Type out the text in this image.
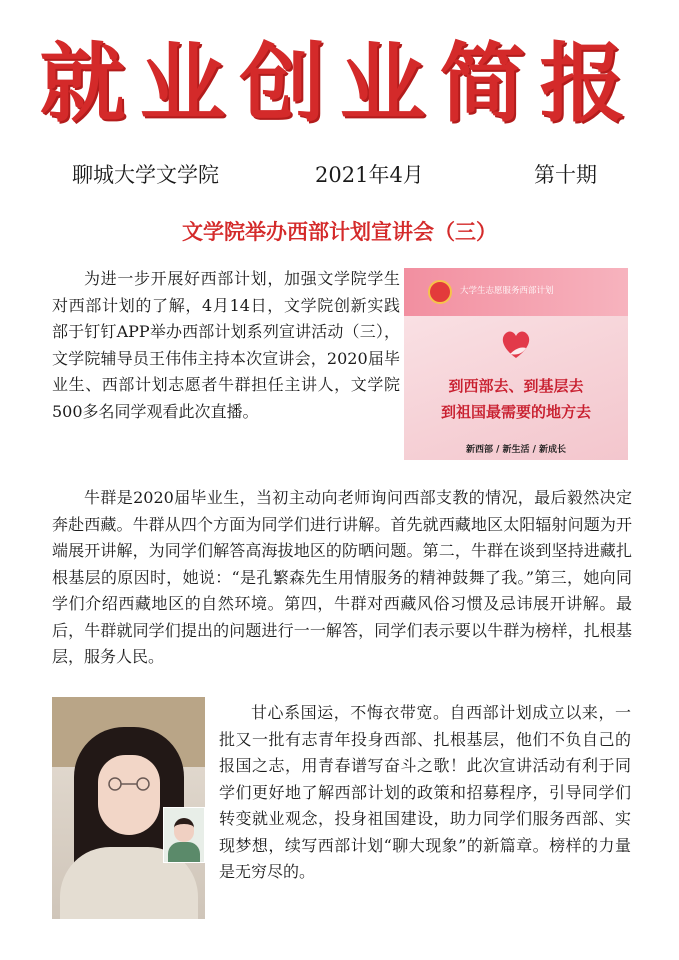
就业创业简报
聊城大学文学院	2021年4月	第十期
文学院举办西部计划宣讲会（三）

为进一步开展好西部计划，加强文学院学生对西部计划的了解，4月14日，文学院创新实践部于钉钉APP举办西部计划系列宣讲活动（三），文学院辅导员王伟伟主持本次宣讲会，2020届毕业生、西部计划志愿者牛群担任主讲人，文学院500多名同学观看此次直播。

大学生志愿服务西部计划
到西部去、到基层去
到祖国最需要的地方去
新西部 / 新生活 / 新成长

牛群是2020届毕业生，当初主动向老师询问西部支教的情况，最后毅然决定奔赴西藏。牛群从四个方面为同学们进行讲解。首先就西藏地区太阳辐射问题为开端展开讲解，为同学们解答高海拔地区的防晒问题。第二，牛群在谈到坚持进藏扎根基层的原因时，她说：“是孔繁森先生用情服务的精神鼓舞了我。”第三，她向同学们介绍西藏地区的自然环境。第四，牛群对西藏风俗习惯及忌讳展开讲解。最后，牛群就同学们提出的问题进行一一解答，同学们表示要以牛群为榜样，扎根基层，服务人民。

甘心系国运，不悔衣带宽。自西部计划成立以来，一批又一批有志青年投身西部、扎根基层，他们不负自己的报国之志，用青春谱写奋斗之歌！此次宣讲活动有利于同学们更好地了解西部计划的政策和招募程序，引导同学们转变就业观念，投身祖国建设，助力同学们服务西部、实现梦想，续写西部计划“聊大现象”的新篇章。榜样的力量是无穷尽的。
